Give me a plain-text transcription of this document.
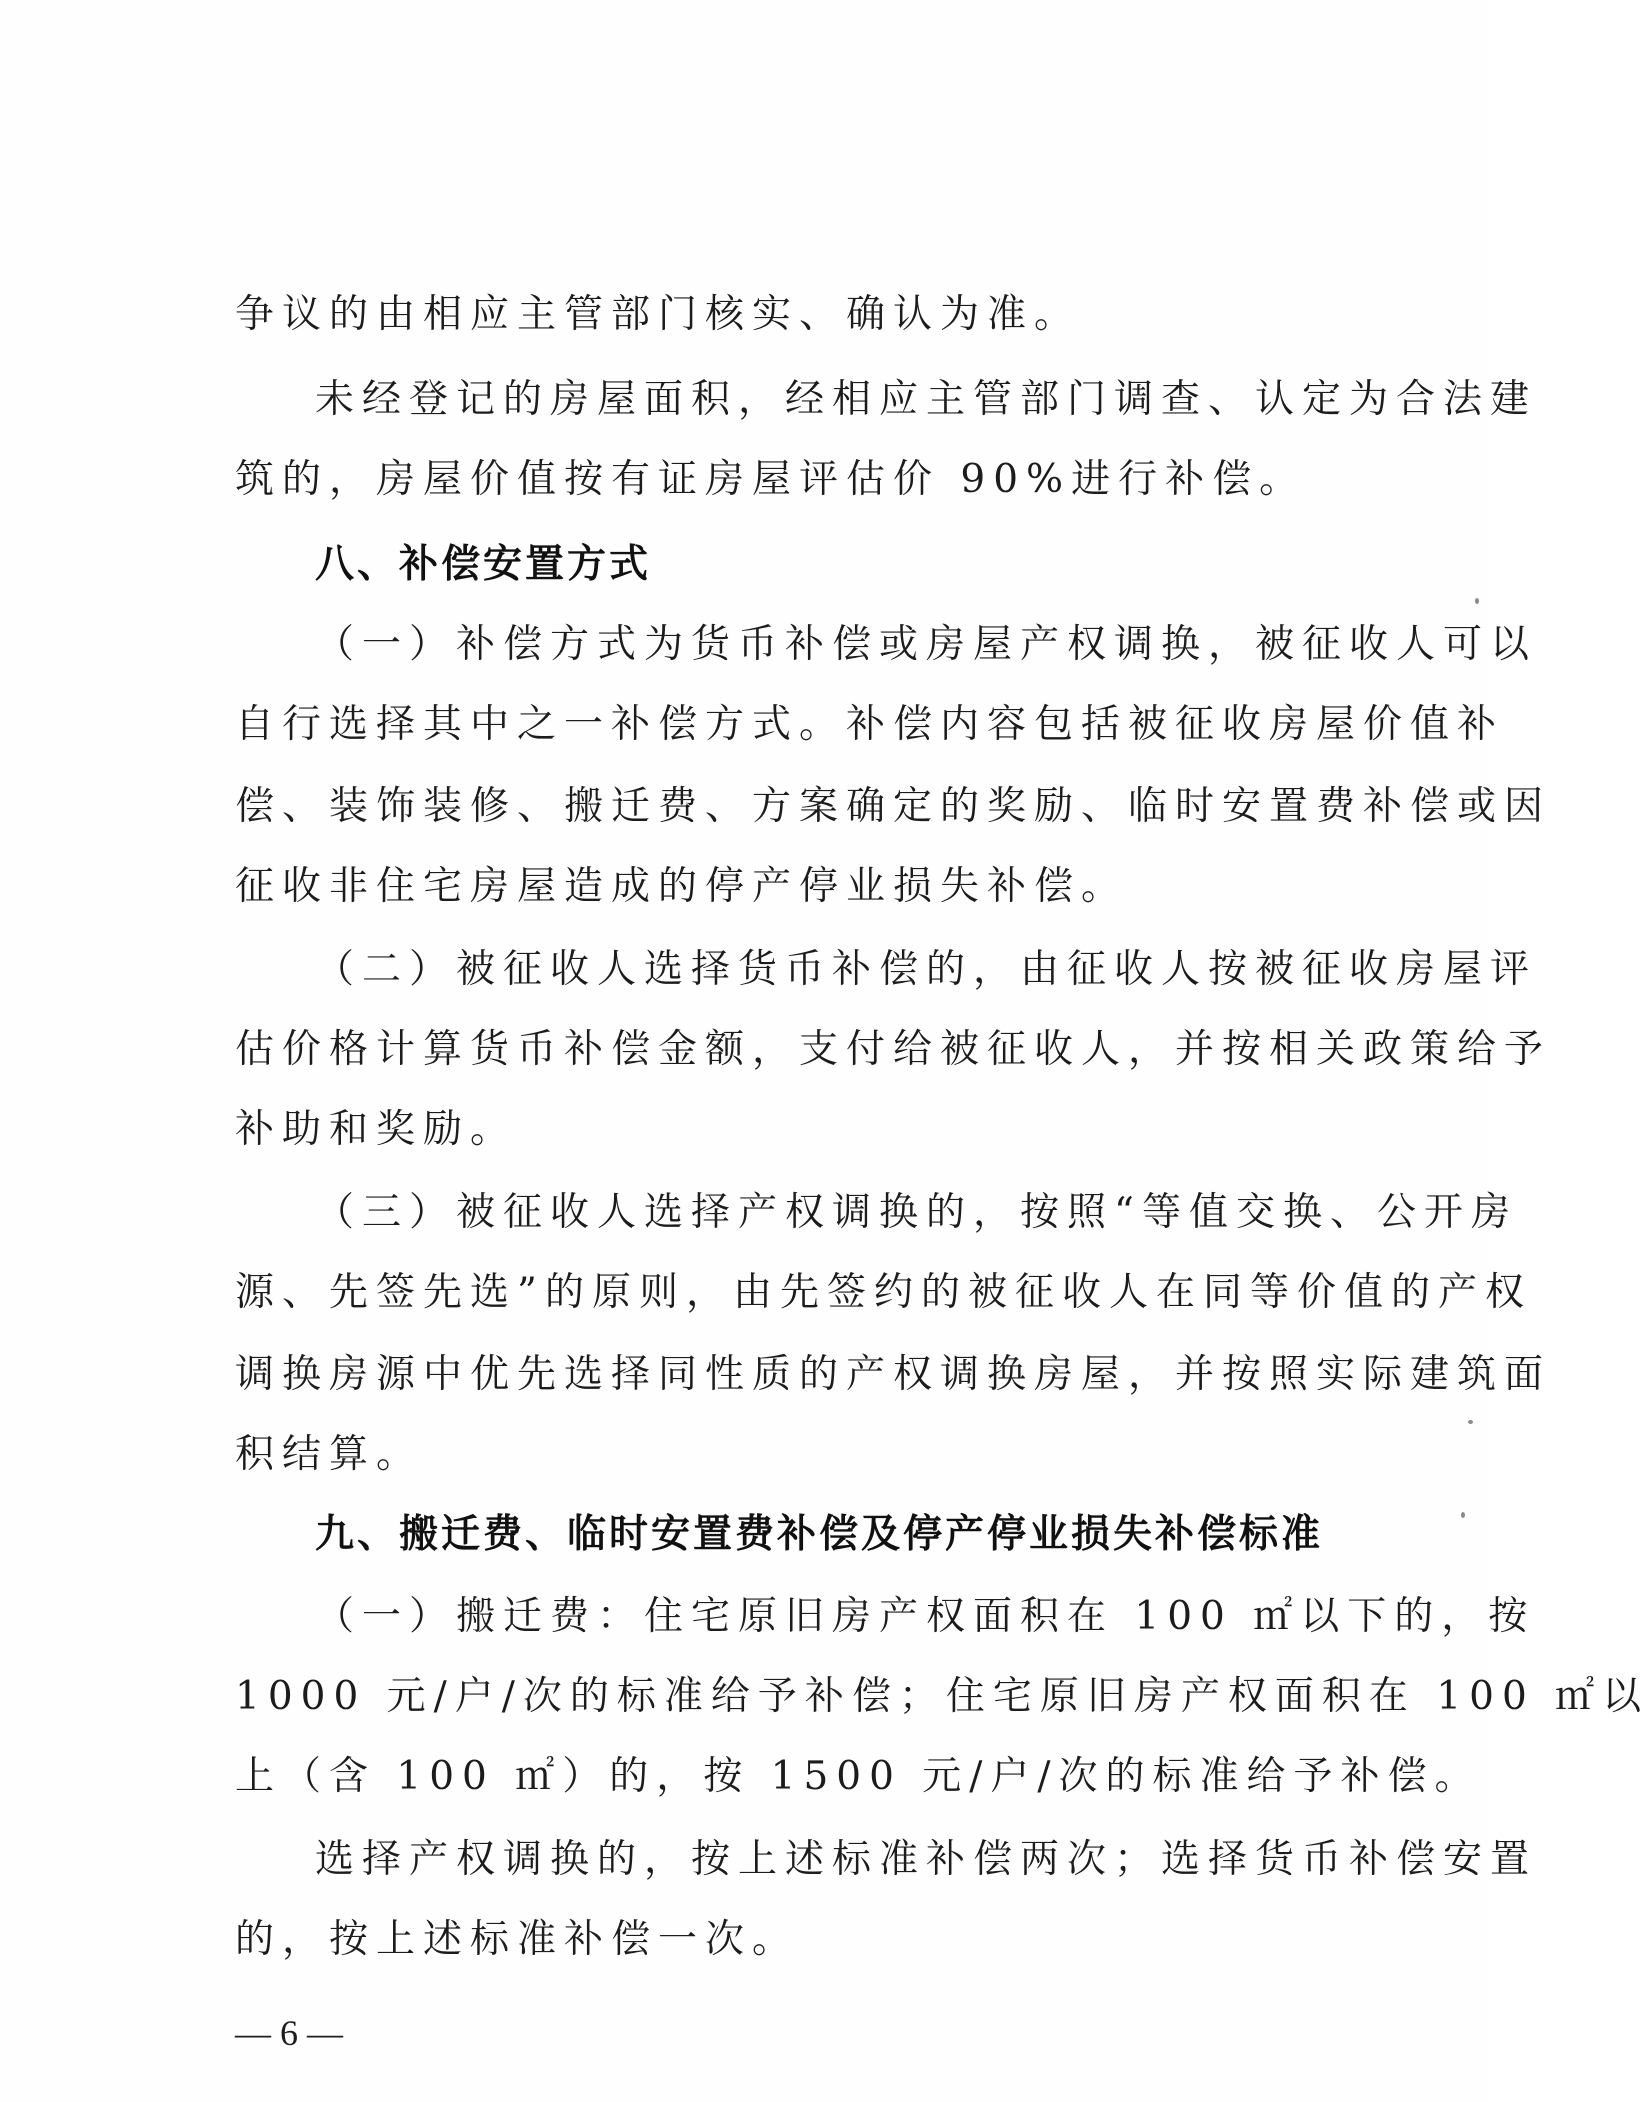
争议的由相应主管部门核实、确认为准。
未经登记的房屋面积，经相应主管部门调查、认定为合法建
筑的，房屋价值按有证房屋评估价 90%进行补偿。
八、补偿安置方式
（一）补偿方式为货币补偿或房屋产权调换，被征收人可以
自行选择其中之一补偿方式。补偿内容包括被征收房屋价值补
偿、装饰装修、搬迁费、方案确定的奖励、临时安置费补偿或因
征收非住宅房屋造成的停产停业损失补偿。
（二）被征收人选择货币补偿的，由征收人按被征收房屋评
估价格计算货币补偿金额，支付给被征收人，并按相关政策给予
补助和奖励。
（三）被征收人选择产权调换的，按照“等值交换、公开房
源、先签先选”的原则，由先签约的被征收人在同等价值的产权
调换房源中优先选择同性质的产权调换房屋，并按照实际建筑面
积结算。
九、搬迁费、临时安置费补偿及停产停业损失补偿标准
（一）搬迁费：住宅原旧房产权面积在 100 ㎡以下的，按
1000 元/户/次的标准给予补偿；住宅原旧房产权面积在 100 ㎡以
上（含 100 ㎡）的，按 1500 元/户/次的标准给予补偿。
选择产权调换的，按上述标准补偿两次；选择货币补偿安置
的，按上述标准补偿一次。
— 6 —
